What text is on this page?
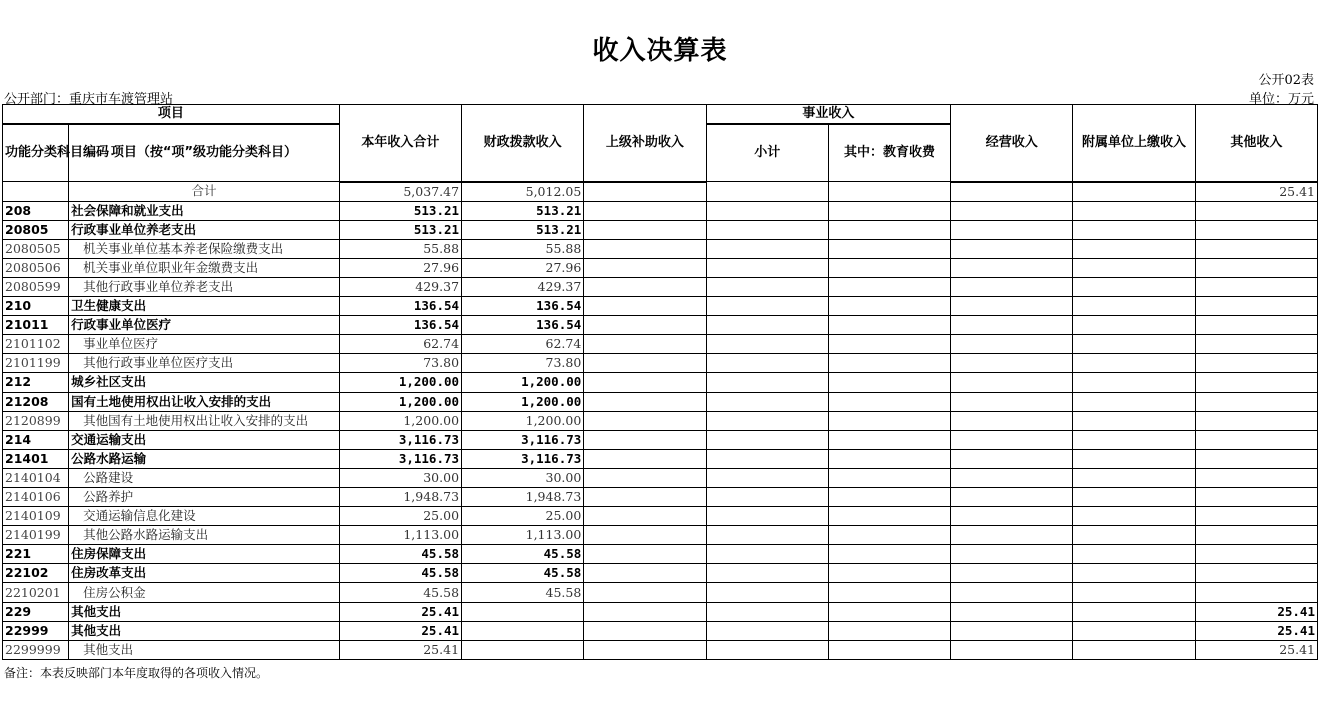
收入决算表
公开02表
公开部门：重庆市车渡管理站	单位：万元
项目		本年收入合计	财政拨款收入	上级补助收入	事业收入		经营收入	附属单位上缴收入	其他收入
功能分类科目编码	项目（按“项”级功能分类科目）				小计	其中：教育收费			
	合计	5,037.47	5,012.05						25.41
208	社会保障和就业支出	513.21	513.21						
20805	行政事业单位养老支出	513.21	513.21						
2080505	机关事业单位基本养老保险缴费支出	55.88	55.88						
2080506	机关事业单位职业年金缴费支出	27.96	27.96						
2080599	其他行政事业单位养老支出	429.37	429.37						
210	卫生健康支出	136.54	136.54						
21011	行政事业单位医疗	136.54	136.54						
2101102	事业单位医疗	62.74	62.74						
2101199	其他行政事业单位医疗支出	73.80	73.80						
212	城乡社区支出	1,200.00	1,200.00						
21208	国有土地使用权出让收入安排的支出	1,200.00	1,200.00						
2120899	其他国有土地使用权出让收入安排的支出	1,200.00	1,200.00						
214	交通运输支出	3,116.73	3,116.73						
21401	公路水路运输	3,116.73	3,116.73						
2140104	公路建设	30.00	30.00						
2140106	公路养护	1,948.73	1,948.73						
2140109	交通运输信息化建设	25.00	25.00						
2140199	其他公路水路运输支出	1,113.00	1,113.00						
221	住房保障支出	45.58	45.58						
22102	住房改革支出	45.58	45.58						
2210201	住房公积金	45.58	45.58						
229	其他支出	25.41							25.41
22999	其他支出	25.41							25.41
2299999	其他支出	25.41							25.41
备注：本表反映部门本年度取得的各项收入情况。
